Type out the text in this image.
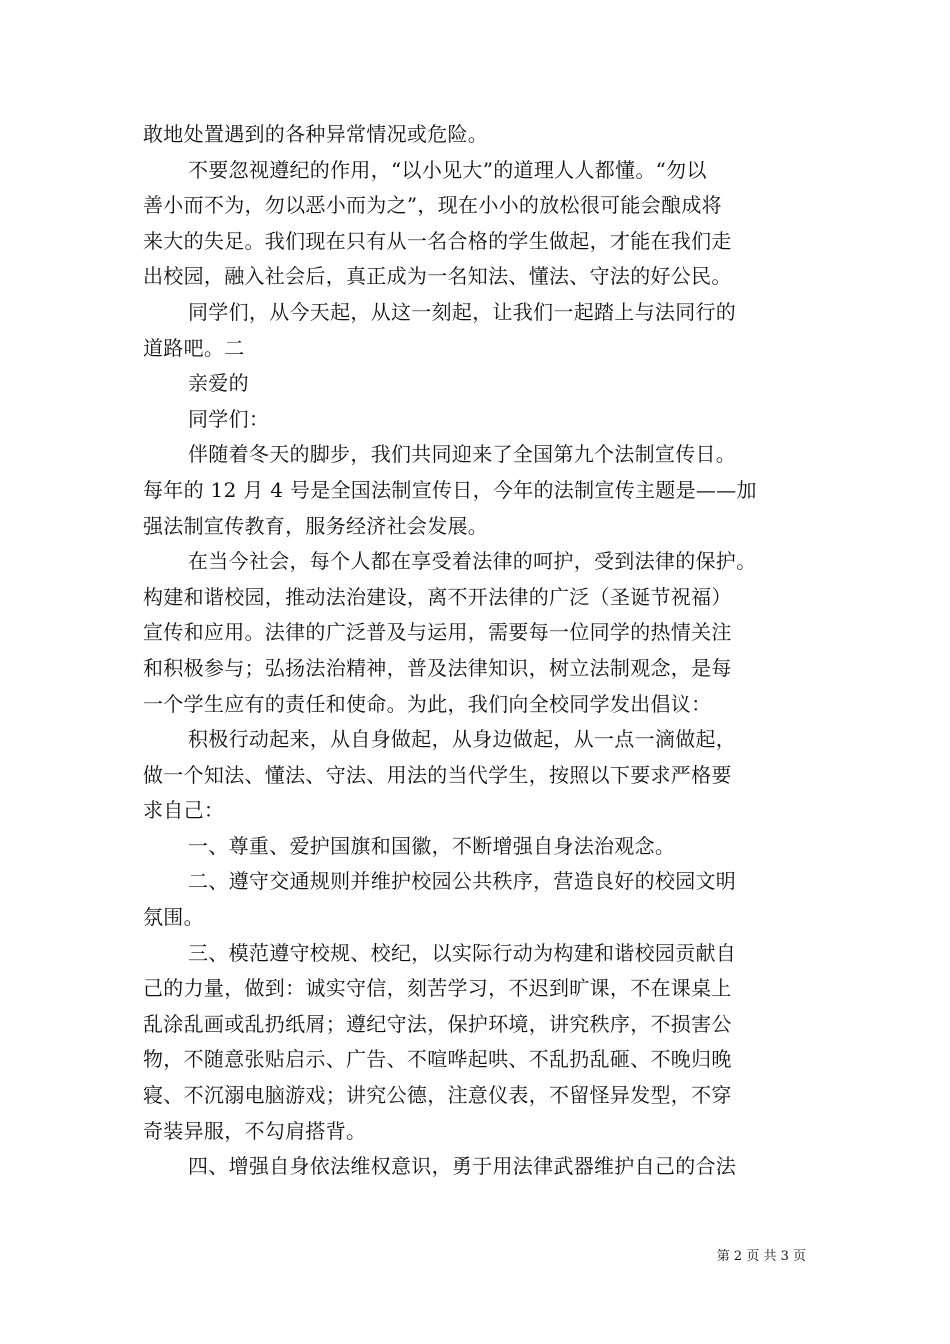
敢地处置遇到的各种异常情况或危险。
不要忽视遵纪的作用，“以小见大”的道理人人都懂。“勿以
善小而不为，勿以恶小而为之”，现在小小的放松很可能会酿成将
来大的失足。我们现在只有从一名合格的学生做起，才能在我们走
出校园，融入社会后，真正成为一名知法、懂法、守法的好公民。
同学们，从今天起，从这一刻起，让我们一起踏上与法同行的
道路吧。二
亲爱的
同学们：
伴随着冬天的脚步，我们共同迎来了全国第九个法制宣传日。
每年的 12 月 4 号是全国法制宣传日，今年的法制宣传主题是——加
强法制宣传教育，服务经济社会发展。
在当今社会，每个人都在享受着法律的呵护，受到法律的保护。
构建和谐校园，推动法治建设，离不开法律的广泛（圣诞节祝福）
宣传和应用。法律的广泛普及与运用，需要每一位同学的热情关注
和积极参与；弘扬法治精神，普及法律知识，树立法制观念，是每
一个学生应有的责任和使命。为此，我们向全校同学发出倡议：
积极行动起来，从自身做起，从身边做起，从一点一滴做起，
做一个知法、懂法、守法、用法的当代学生，按照以下要求严格要
求自己：
一、尊重、爱护国旗和国徽，不断增强自身法治观念。
二、遵守交通规则并维护校园公共秩序，营造良好的校园文明
氛围。
三、模范遵守校规、校纪，以实际行动为构建和谐校园贡献自
己的力量，做到：诚实守信，刻苦学习，不迟到旷课，不在课桌上
乱涂乱画或乱扔纸屑；遵纪守法，保护环境，讲究秩序，不损害公
物，不随意张贴启示、广告、不喧哗起哄、不乱扔乱砸、不晚归晚
寝、不沉溺电脑游戏；讲究公德，注意仪表，不留怪异发型，不穿
奇装异服，不勾肩搭背。
四、增强自身依法维权意识，勇于用法律武器维护自己的合法
第 2 页 共 3 页
